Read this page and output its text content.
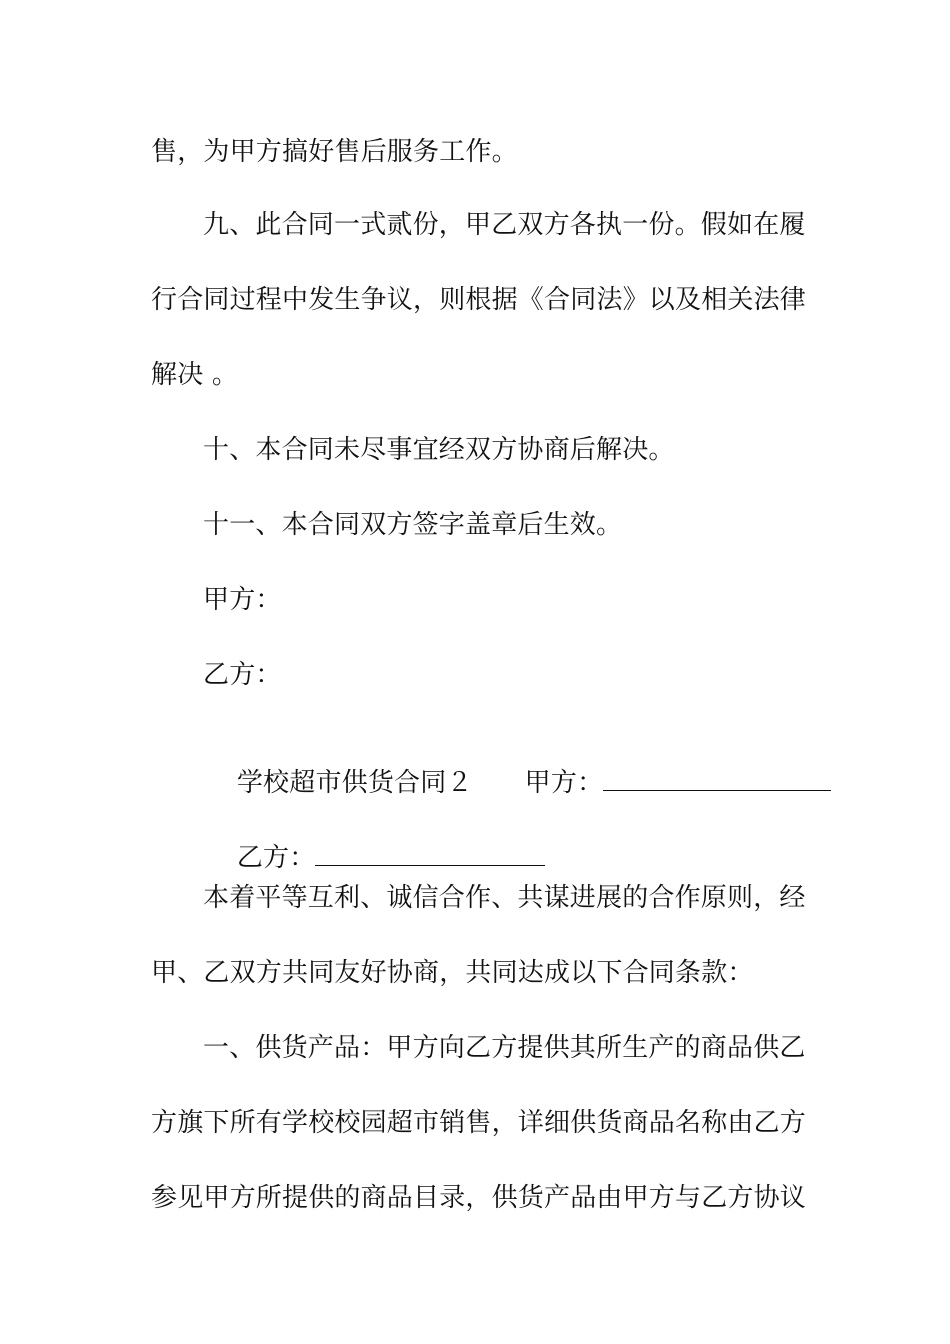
售，为甲方搞好售后服务工作。
九、此合同一式贰份，甲乙双方各执一份。假如在履
行合同过程中发生争议，则根据《合同法》以及相关法律
解决 。
十、本合同未尽事宜经双方协商后解决。
十一、本合同双方签字盖章后生效。
甲方：
乙方：

学校超市供货合同２ 甲方：

乙方：

本着平等互利、诚信合作、共谋进展的合作原则，经
甲、乙双方共同友好协商，共同达成以下合同条款：
一、供货产品：甲方向乙方提供其所生产的商品供乙
方旗下所有学校校园超市销售，详细供货商品名称由乙方
参见甲方所提供的商品目录，供货产品由甲方与乙方协议
